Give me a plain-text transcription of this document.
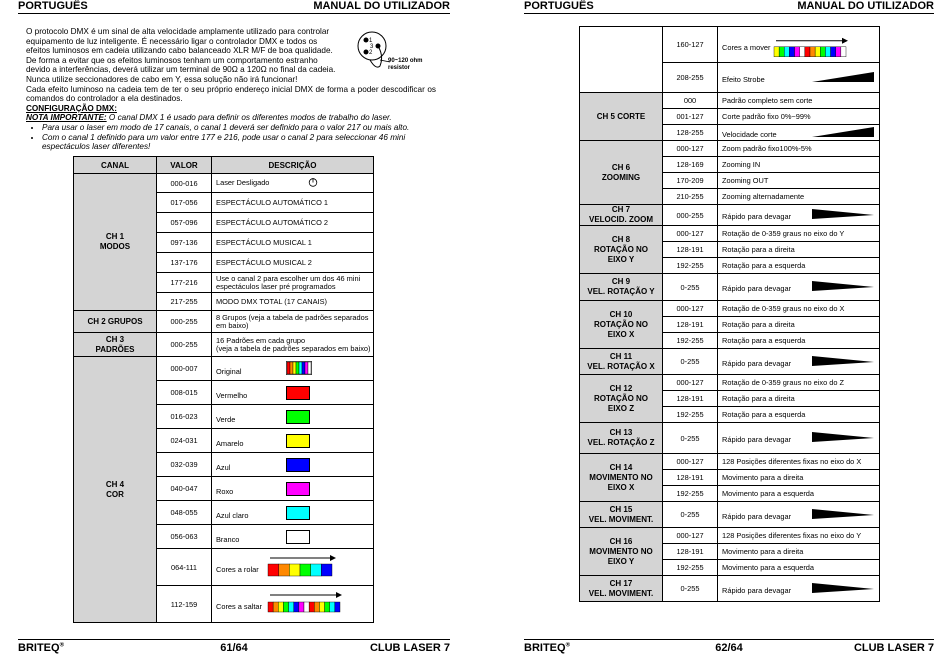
PORTUGUÊS	MANUAL DO UTILIZADOR

O protocolo DMX é um sinal de alta velocidade amplamente utilizado para controlar
equipamento de luz inteligente. É necessário ligar o controlador DMX e todos os
efeitos luminosos em cadeia utilizando cabo balanceado XLR M/F de boa qualidade.
De forma a evitar que os efeitos luminosos tenham um comportamento estranho
devido a interferências, deverá utilizar um terminal de 90Ω a 120Ω no final da cadeia.
Nunca utilize seccionadores de cabo em Y, essa solução não irá funcionar!

Cada efeito luminoso na cadeia tem de ter o seu próprio endereço inicial DMX de forma a poder descodificar os comandos do controlador a ela destinados.

CONFIGURAÇÃO DMX:
NOTA IMPORTANTE: O canal DMX 1 é usado para definir os diferentes modos de trabalho do laser.
• Para usar o laser em modo de 17 canais, o canal 1 deverá ser definido para o valor 217 ou mais alto.
• Com o canal 1 definido para um valor entre 177 e 216, pode usar o canal 2 para seleccionar 46 mini espectáculos laser diferentes!
1
3
2
90~120 ohm resistor
CANAL	VALOR	DESCRIÇÃO
CH 1
MODOS	000-016	Laser Desligado

	017-056	ESPECTÁCULO AUTOMÁTICO 1
	057-096	ESPECTÁCULO AUTOMÁTICO 2
	097-136	ESPECTÁCULO MUSICAL 1
	137-176	ESPECTÁCULO MUSICAL 2
	177-216	Use o canal 2 para escolher um dos 46 mini espectáculos laser pré programados
	217-255	MODO DMX TOTAL (17 CANAIS)
CH 2 GRUPOS	000-255	8 Grupos (veja a tabela de padrões separados em baixo)
CH 3
PADRÕES	000-255	16 Padrões em cada grupo
(veja a tabela de padrões separados em baixo)
CH 4
COR	000-007	Original

	008-015	Vermelho

	016-023	Verde

	024-031	Amarelo

	032-039	Azul

	040-047	Roxo

	048-055	Azul claro

	056-063	Branco

	064-111	Cores a rolar

	112-159	Cores a saltar
BRITEQ®	61/64	CLUB LASER 7
PORTUGUÊS	MANUAL DO UTILIZADOR
	160-127	Cores a mover

	208-255	Efeito Strobe

CH 5 CORTE	000	Padrão completo sem corte
	001-127	Corte padrão fixo 0%~99%
	128-255	Velocidade corte

CH 6
ZOOMING	000-127	Zoom padrão fixo100%-5%
	128-169	Zooming IN
	170-209	Zooming OUT
	210-255	Zooming alternadamente
CH 7
VELOCID. ZOOM	000-255	Rápido para devagar

CH 8
ROTAÇÃO NO
EIXO Y	000-127	Rotação de 0-359 graus no eixo do Y
	128-191	Rotação para a direita
	192-255	Rotação para a esquerda
CH 9
VEL. ROTAÇÃO Y	0-255	Rápido para devagar

CH 10
ROTAÇÃO NO
EIXO X	000-127	Rotação de 0-359 graus no eixo do X
	128-191	Rotação para a direita
	192-255	Rotação para a esquerda
CH 11
VEL. ROTAÇÃO X	0-255	Rápido para devagar

CH 12
ROTAÇÃO NO
EIXO Z	000-127	Rotação de 0-359 graus no eixo do Z
	128-191	Rotação para a direita
	192-255	Rotação para a esquerda
CH 13
VEL. ROTAÇÃO Z	0-255	Rápido para devagar

CH 14
MOVIMENTO NO
EIXO X	000-127	128 Posições diferentes fixas no eixo do X
	128-191	Movimento para a direita
	192-255	Movimento para a esquerda
CH 15
VEL. MOVIMENT.	0-255	Rápido para devagar

CH 16
MOVIMENTO NO
EIXO Y	000-127	128 Posições diferentes fixas no eixo do Y
	128-191	Movimento para a direita
	192-255	Movimento para a esquerda
CH 17
VEL. MOVIMENT.	0-255	Rápido para devagar
BRITEQ®	62/64	CLUB LASER 7
